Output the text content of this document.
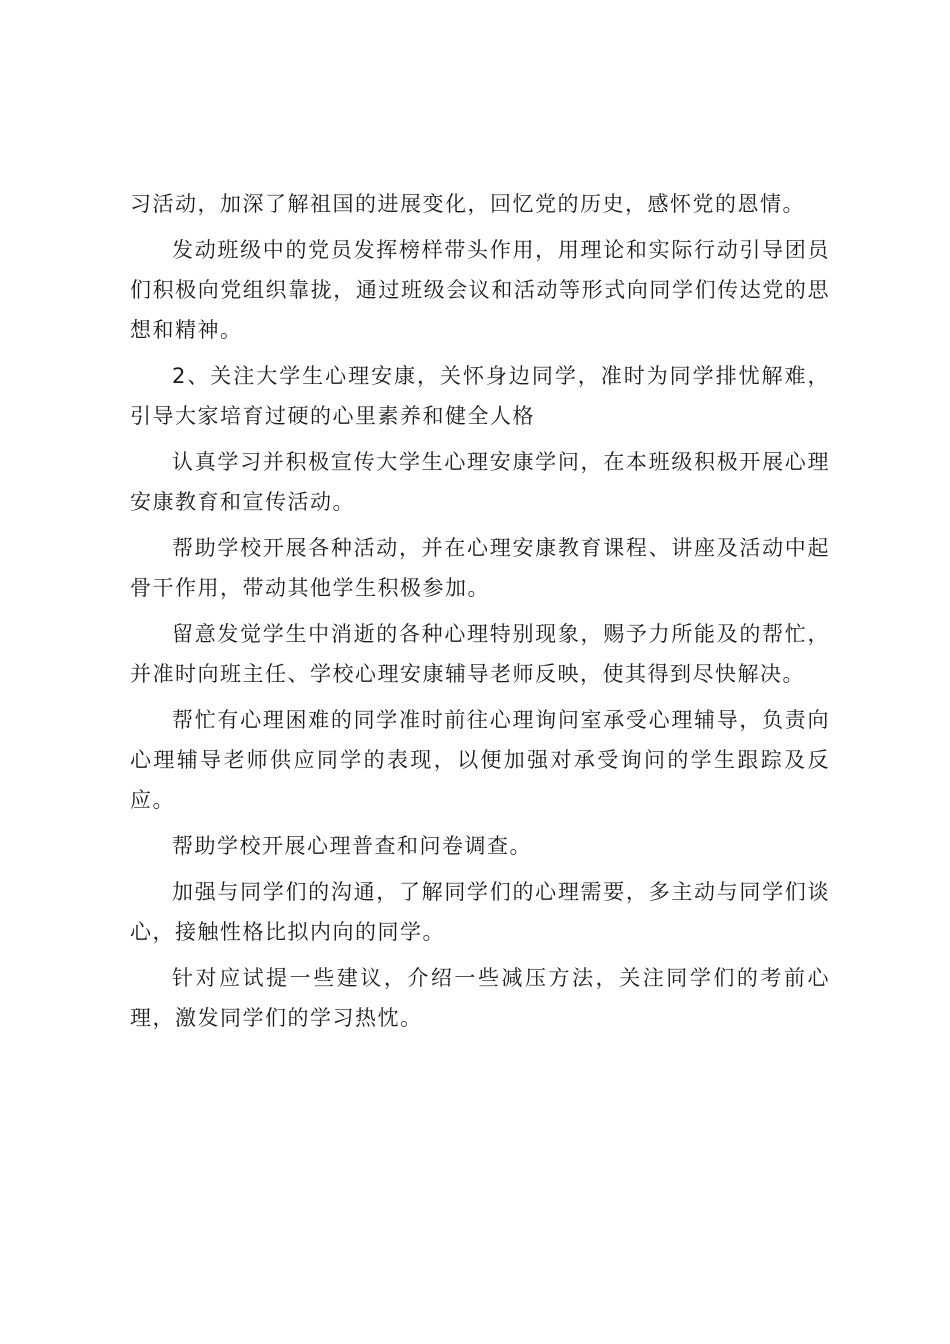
习活动，加深了解祖国的进展变化，回忆党的历史，感怀党的恩情。

发动班级中的党员发挥榜样带头作用，用理论和实际行动引导团员们积极向党组织靠拢，通过班级会议和活动等形式向同学们传达党的思想和精神。

2、关注大学生心理安康，关怀身边同学，准时为同学排忧解难，引导大家培育过硬的心里素养和健全人格

认真学习并积极宣传大学生心理安康学问，在本班级积极开展心理安康教育和宣传活动。

帮助学校开展各种活动，并在心理安康教育课程、讲座及活动中起骨干作用，带动其他学生积极参加。

留意发觉学生中消逝的各种心理特别现象，赐予力所能及的帮忙，并准时向班主任、学校心理安康辅导老师反映，使其得到尽快解决。

帮忙有心理困难的同学准时前往心理询问室承受心理辅导，负责向心理辅导老师供应同学的表现，以便加强对承受询问的学生跟踪及反应。

帮助学校开展心理普查和问卷调查。

加强与同学们的沟通，了解同学们的心理需要，多主动与同学们谈心，接触性格比拟内向的同学。

针对应试提一些建议，介绍一些减压方法，关注同学们的考前心理，激发同学们的学习热忱。
